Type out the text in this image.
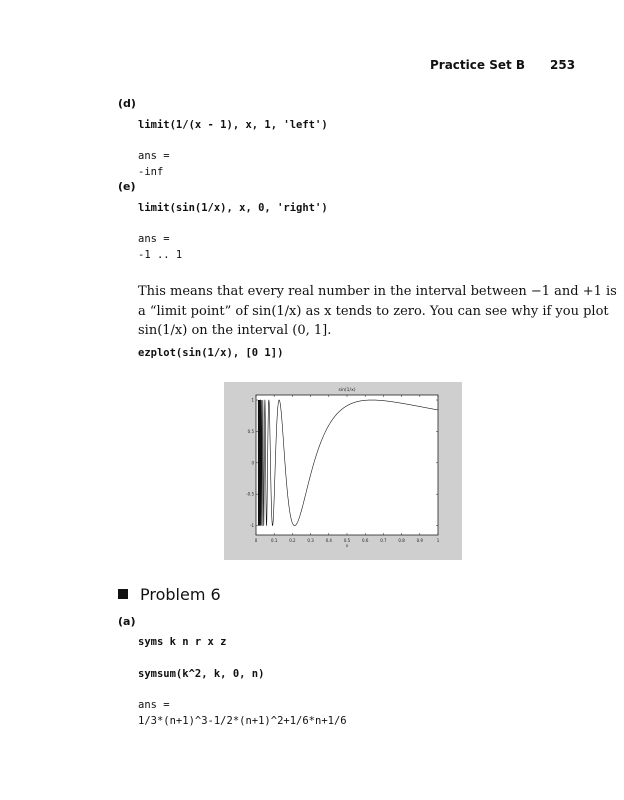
Practice Set B 253
(d)
limit(1/(x - 1), x, 1, 'left')
ans =
-inf
(e)
limit(sin(1/x), x, 0, 'right')
ans =
-1 .. 1
This means that every real number in the interval between −1 and +1 is
a “limit point” of sin(1/x) as x tends to zero. You can see why if you plot
sin(1/x) on the interval (0, 1].
ezplot(sin(1/x), [0 1])
sin(1/x)
0	0.1	0.2	0.3	0.4	0.5	0.6	0.7	0.8	0.9	1
x
1
0.5
0
-0.5
-1
Problem 6
(a)
syms k n r x z
symsum(k^2, k, 0, n)
ans =
1/3*(n+1)^3-1/2*(n+1)^2+1/6*n+1/6
